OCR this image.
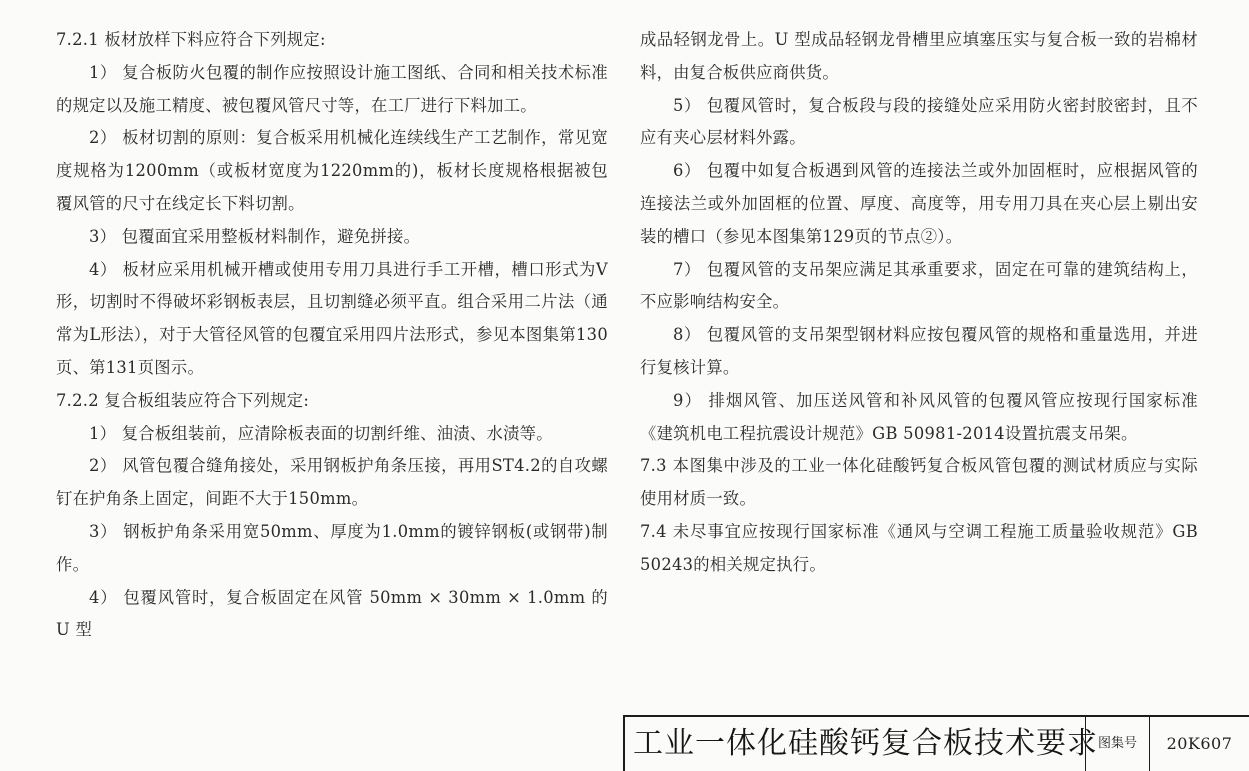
7.2.1 板材放样下料应符合下列规定:

1） 复合板防火包覆的制作应按照设计施工图纸、合同和相关技术标准的规定以及施工精度、被包覆风管尺寸等，在工厂进行下料加工。

2） 板材切割的原则：复合板采用机械化连续线生产工艺制作，常见宽度规格为1200mm（或板材宽度为1220mm的)，板材长度规格根据被包覆风管的尺寸在线定长下料切割。

3） 包覆面宜采用整板材料制作，避免拼接。

4） 板材应采用机械开槽或使用专用刀具进行手工开槽，槽口形式为V形，切割时不得破坏彩钢板表层，且切割缝必须平直。组合采用二片法（通常为L形法），对于大管径风管的包覆宜采用四片法形式，参见本图集第130页、第131页图示。

7.2.2 复合板组装应符合下列规定:

1） 复合板组装前，应清除板表面的切割纤维、油渍、水渍等。

2） 风管包覆合缝角接处，采用钢板护角条压接，再用ST4.2的自攻螺钉在护角条上固定，间距不大于150mm。

3） 钢板护角条采用宽50mm、厚度为1.0mm的镀锌钢板(或钢带)制作。

4） 包覆风管时，复合板固定在风管 50mm × 30mm × 1.0mm 的 U 型

成品轻钢龙骨上。U 型成品轻钢龙骨槽里应填塞压实与复合板一致的岩棉材料，由复合板供应商供货。

5） 包覆风管时，复合板段与段的接缝处应采用防火密封胶密封，且不应有夹心层材料外露。

6） 包覆中如复合板遇到风管的连接法兰或外加固框时，应根据风管的连接法兰或外加固框的位置、厚度、高度等，用专用刀具在夹心层上剔出安装的槽口（参见本图集第129页的节点②）。

7） 包覆风管的支吊架应满足其承重要求，固定在可靠的建筑结构上，不应影响结构安全。

8） 包覆风管的支吊架型钢材料应按包覆风管的规格和重量选用，并进行复核计算。

9） 排烟风管、加压送风管和补风风管的包覆风管应按现行国家标准《建筑机电工程抗震设计规范》GB 50981-2014设置抗震支吊架。

7.3 本图集中涉及的工业一体化硅酸钙复合板风管包覆的测试材质应与实际使用材质一致。

7.4 未尽事宜应按现行国家标准《通风与空调工程施工质量验收规范》GB 50243的相关规定执行。

工业一体化硅酸钙复合板技术要求 图集号	20K607
